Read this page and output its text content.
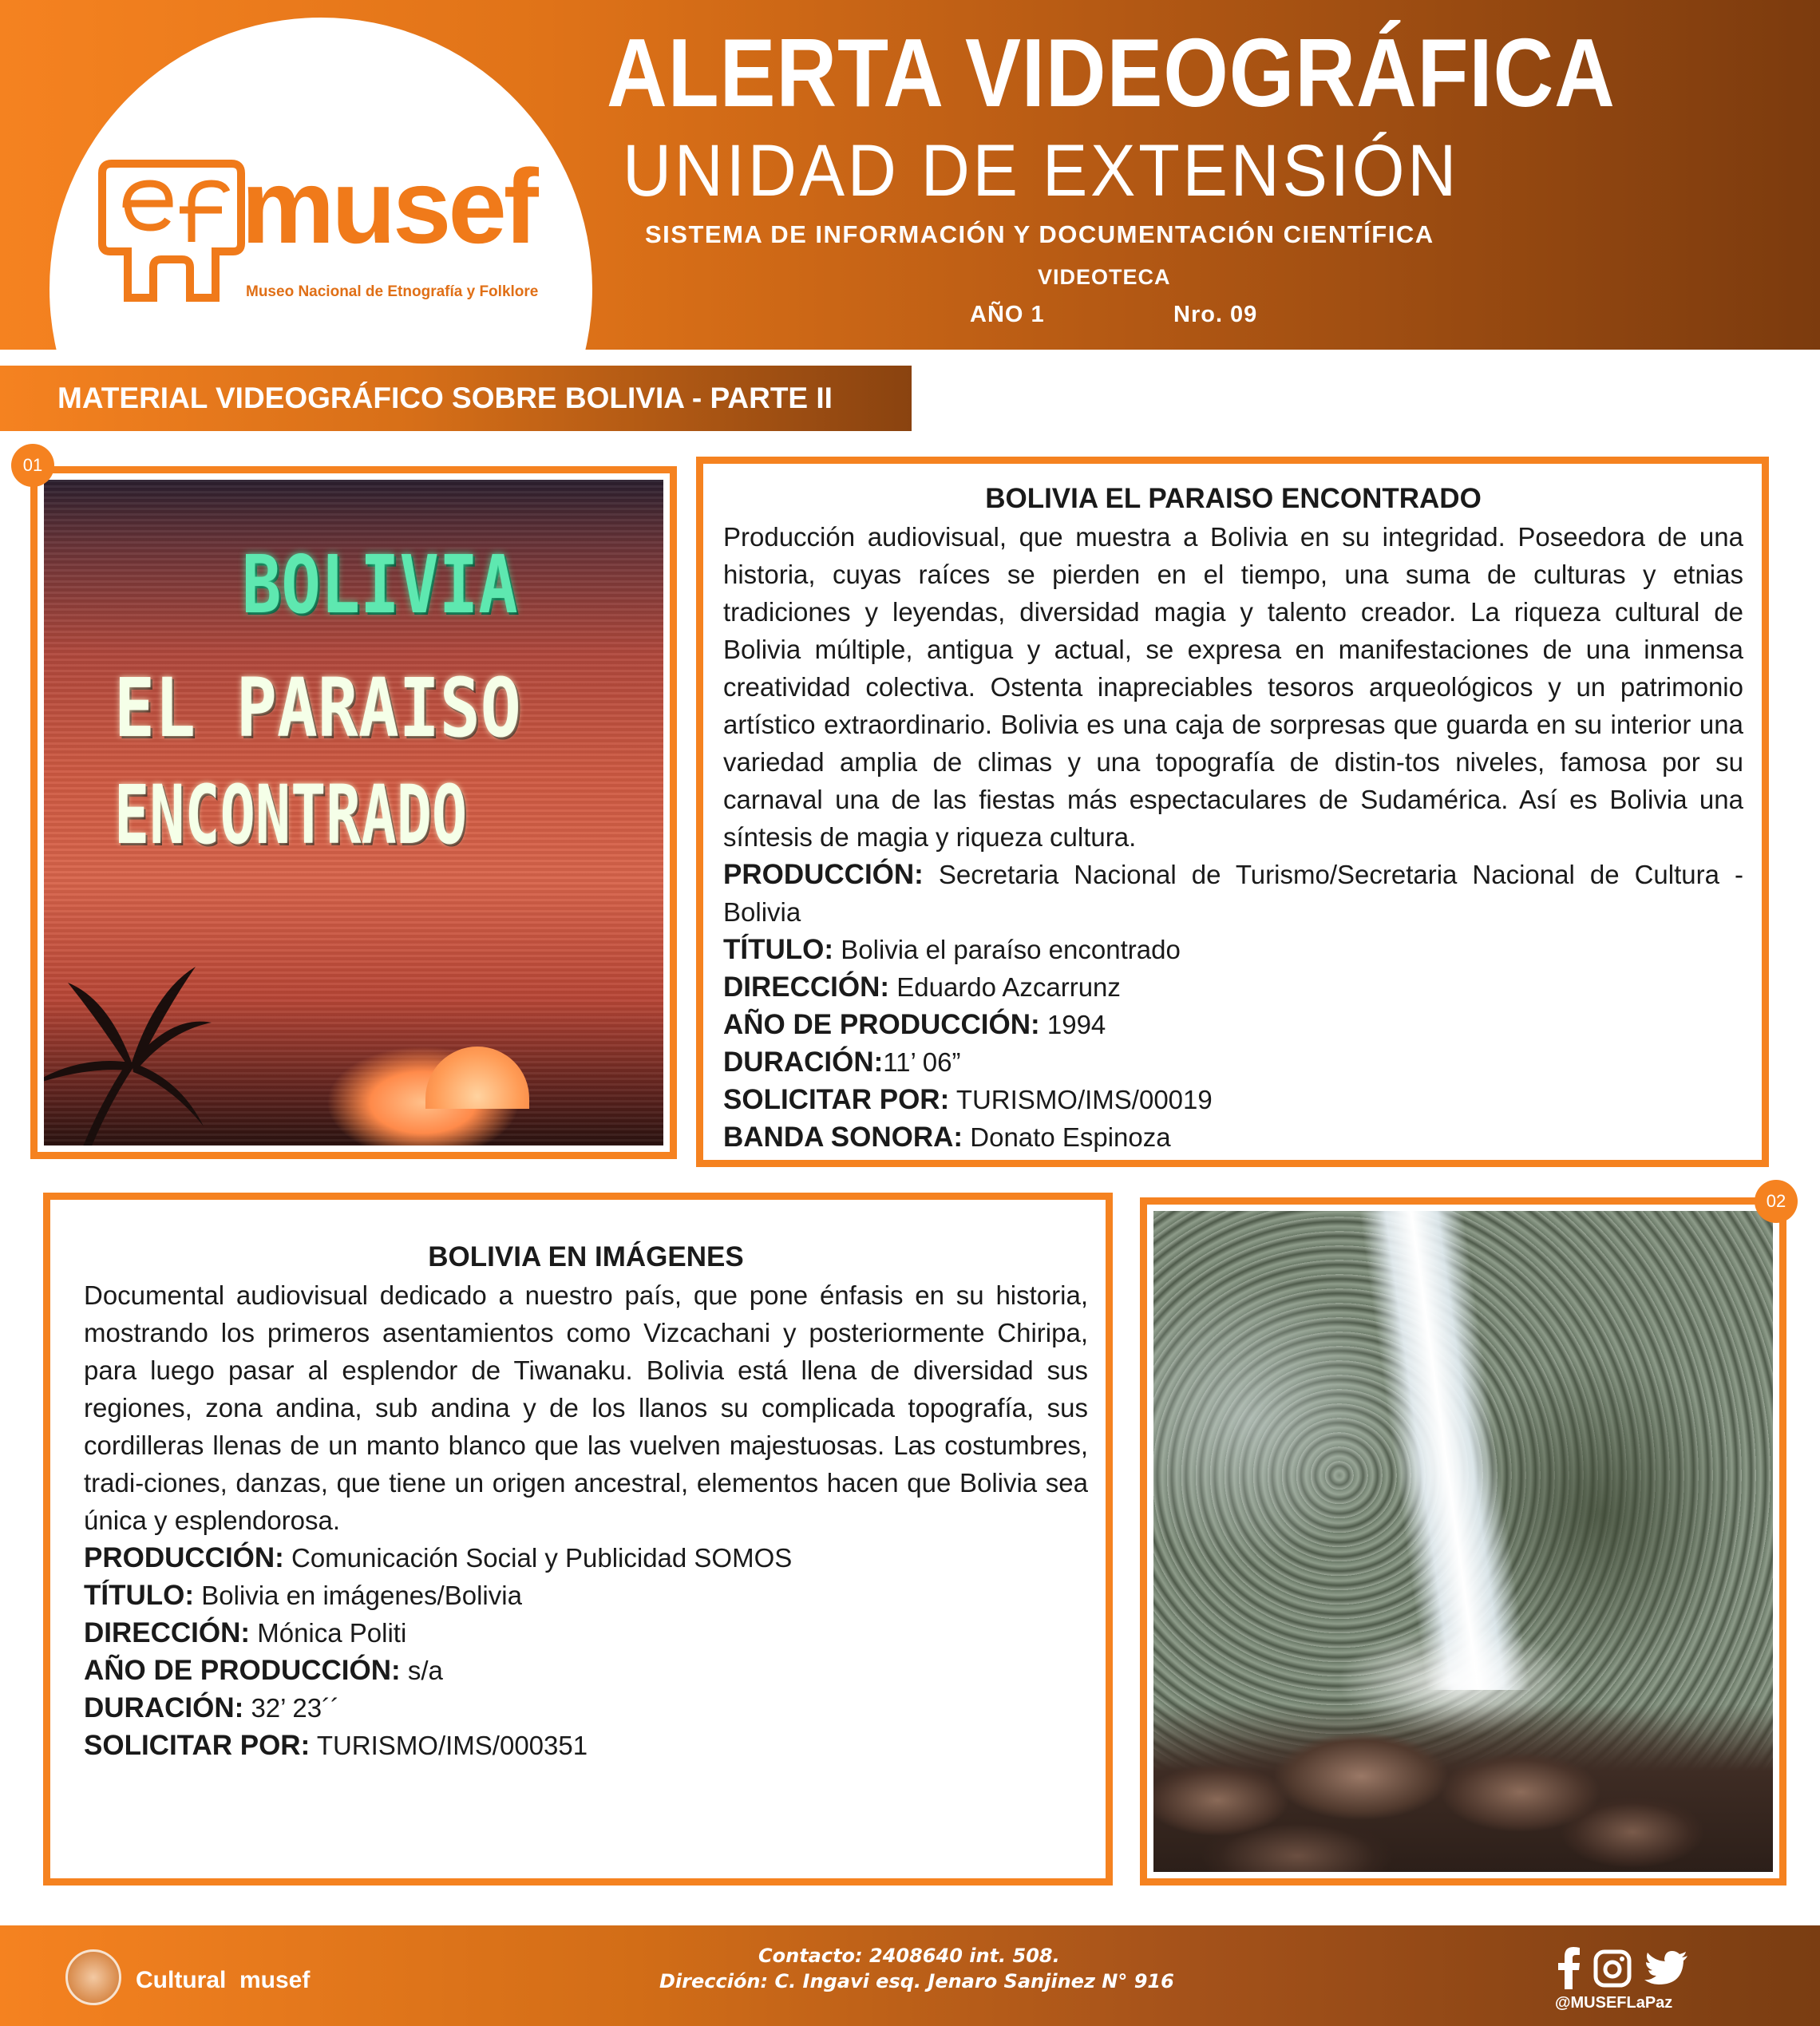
musef
Museo Nacional de Etnografía y Folklore
ALERTA VIDEOGRÁFICA
UNIDAD DE EXTENSIÓN
SISTEMA DE INFORMACIÓN Y DOCUMENTACIÓN CIENTÍFICA
VIDEOTECA
AÑO 1	Nro. 09
MATERIAL VIDEOGRÁFICO SOBRE BOLIVIA - PARTE II
BOLIVIA
EL PARAISO
ENCONTRADO
01
BOLIVIA EL PARAISO ENCONTRADO
Producción audiovisual, que muestra a Bolivia en su integridad. Poseedora de una historia, cuyas raíces se pierden en el tiempo, una suma de culturas y etnias tradiciones y leyendas, diversidad magia y talento creador. La riqueza cultural de Bolivia múltiple, antigua y actual, se expresa en manifestaciones de una inmensa creatividad colectiva. Ostenta inapreciables tesoros arqueológicos y un patrimonio artístico extraordinario. Bolivia es una caja de sorpresas que guarda en su interior una variedad amplia de climas y una topografía de distin-tos niveles, famosa por su carnaval una de las fiestas más espectaculares de Sudamérica. Así es Bolivia una síntesis de magia y riqueza cultura.
PRODUCCIÓN: Secretaria Nacional de Turismo/Secretaria Nacional de Cultura - Bolivia
TÍTULO: Bolivia el paraíso encontrado
DIRECCIÓN: Eduardo Azcarrunz
AÑO DE PRODUCCIÓN: 1994
DURACIÓN:11’ 06”
SOLICITAR POR: TURISMO/IMS/00019
BANDA SONORA: Donato Espinoza
BOLIVIA EN IMÁGENES
Documental audiovisual dedicado a nuestro país, que pone énfasis en su historia, mostrando los primeros asentamientos como Vizcachani y posteriormente Chiripa, para luego pasar al esplendor de Tiwanaku. Bolivia está llena de diversidad sus regiones, zona andina, sub andina y de los llanos su complicada topografía, sus cordilleras llenas de un manto blanco que las vuelven majestuosas. Las costumbres, tradi-ciones, danzas, que tiene un origen ancestral, elementos hacen que Bolivia sea única y esplendorosa.
PRODUCCIÓN: Comunicación Social y Publicidad SOMOS
TÍTULO: Bolivia en imágenes/Bolivia
DIRECCIÓN: Mónica Politi
AÑO DE PRODUCCIÓN: s/a
DURACIÓN: 32’ 23´´
SOLICITAR POR: TURISMO/IMS/000351
02
Cultural musef
Contacto: 2408640 int. 508.
Dirección: C. Ingavi esq. Jenaro Sanjinez N° 916
@MUSEFLaPaz
